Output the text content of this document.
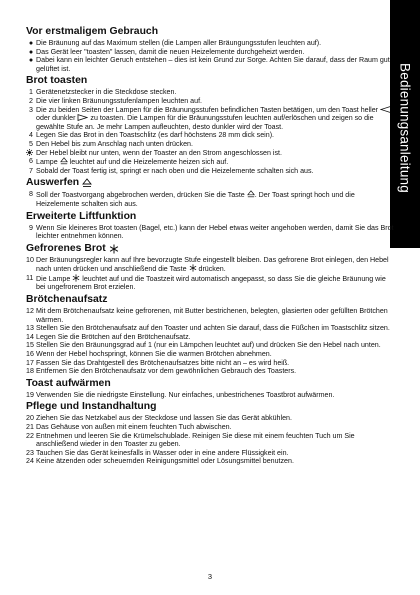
Bedienungsanleitung
Vor erstmaligem Gebrauch
● Die Bräunung auf das Maximum stellen (die Lampen aller Bräungungsstufen leuchten auf).
● Das Gerät leer "toasten" lassen, damit die neuen Heizelemente durchgeheizt werden.
● Dabei kann ein leichter Geruch entstehen – dies ist kein Grund zur Sorge. Achten Sie darauf, dass der Raum gut gelüftet ist.
Brot toasten
1 Gerätenetzstecker in die Steckdose stecken.
2 Die vier linken Bräunungsstufenlampen leuchten auf.
3 Die zu beiden Seiten der Lampen für die Bräunungsstufen befindlichen Tasten betätigen, um den Toast heller  oder dunkler zu toasten. Die Lampen für die Bräunungsstufen leuchten auf/erlöschen und zeigen so die gewählte Stufe an. Je mehr Lampen aufleuchten, desto dunkler wird der Toast.
4 Legen Sie das Brot in den Toastschlitz (es darf höchstens 28 mm dick sein).
5 Den Hebel bis zum Anschlag nach unten drücken.
Der Hebel bleibt nur unten, wenn der Toaster an den Strom angeschlossen ist.
6 Lampe leuchtet auf und die Heizelemente heizen sich auf.
7 Sobald der Toast fertig ist, springt er nach oben und die Heizelemente schalten sich aus.
Auswerfen
8 Soll der Toastvorgang abgebrochen werden, drücken Sie die Taste . Der Toast springt hoch und die Heizelemente schalten sich aus.
Erweiterte Liftfunktion
9 Wenn Sie kleineres Brot toasten (Bagel, etc.) kann der Hebel etwas weiter angehoben werden, damit Sie das Brot leichter entnehmen können.
Gefrorenes Brot
10 Der Bräunungsregler kann auf Ihre bevorzugte Stufe eingestellt bleiben. Das gefrorene Brot einlegen, den Hebel nach unten drücken und anschließend die Taste drücken.
11 Die Lampe leuchtet auf und die Toastzeit wird automatisch angepasst, so dass Sie die gleiche Bräunung wie bei ungefrorenem Brot erzielen.
Brötchenaufsatz
12 Mit dem Brötchenaufsatz keine gefrorenen, mit Butter bestrichenen, belegten, glasierten oder gefüllten Brötchen wärmen.
13 Stellen Sie den Brötchenaufsatz auf den Toaster und achten Sie darauf, dass die Füßchen im Toastschlitz sitzen.
14 Legen Sie die Brötchen auf den Brötchenaufsatz.
15 Stellen Sie den Bräunungsgrad auf 1 (nur ein Lämpchen leuchtet auf) und drücken Sie den Hebel nach unten.
16 Wenn der Hebel hochspringt, können Sie die warmen Brötchen abnehmen.
17 Fassen Sie das Drahtgestell des Brötchenaufsatzes bitte nicht an – es wird heiß.
18 Entfernen Sie den Brötchenaufsatz vor dem gewöhnlichen Gebrauch des Toasters.
Toast aufwärmen
19 Verwenden Sie die niedrigste Einstellung. Nur einfaches, unbestrichenes Toastbrot aufwärmen.
Pflege und Instandhaltung
20 Ziehen Sie das Netzkabel aus der Steckdose und lassen Sie das Gerät abkühlen.
21 Das Gehäuse von außen mit einem feuchten Tuch abwischen.
22 Entnehmen und leeren Sie die Krümelschublade. Reinigen Sie diese mit einem feuchten Tuch um Sie anschließend wieder in den Toaster zu geben.
23 Tauchen Sie das Gerät keinesfalls in Wasser oder in eine andere Flüssigkeit ein.
24 Keine ätzenden oder scheuernden Reinigungsmittel oder Lösungsmittel benutzen.
3
